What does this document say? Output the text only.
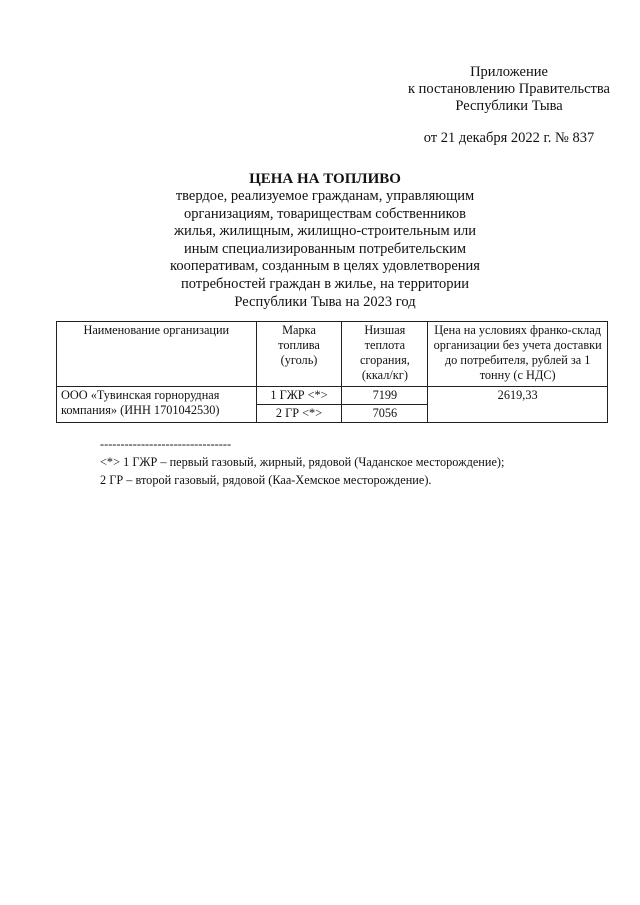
Приложение
к постановлению Правительства
Республики Тыва
от 21 декабря 2022 г. № 837
ЦЕНА НА ТОПЛИВО
твердое, реализуемое гражданам, управляющим
организациям, товариществам собственников
жилья, жилищным, жилищно-строительным или
иным специализированным потребительским
кооперативам, созданным в целях удовлетворения
потребностей граждан в жилье, на территории
Республики Тыва на 2023 год
Наименование организации	Марка топлива (уголь)	Низшая теплота сгорания, (ккал/кг)	Цена на условиях франко-склад организации без учета доставки до потребителя, рублей за 1 тонну (с НДС)
ООО «Тувинская горнорудная компания» (ИНН 1701042530)	1 ГЖР <*>	7199	2619,33
	2 ГР <*>	7056	
--------------------------------
<*> 1 ГЖР – первый газовый, жирный, рядовой (Чаданское месторождение);
2 ГР – второй газовый, рядовой (Каа-Хемское месторождение).
